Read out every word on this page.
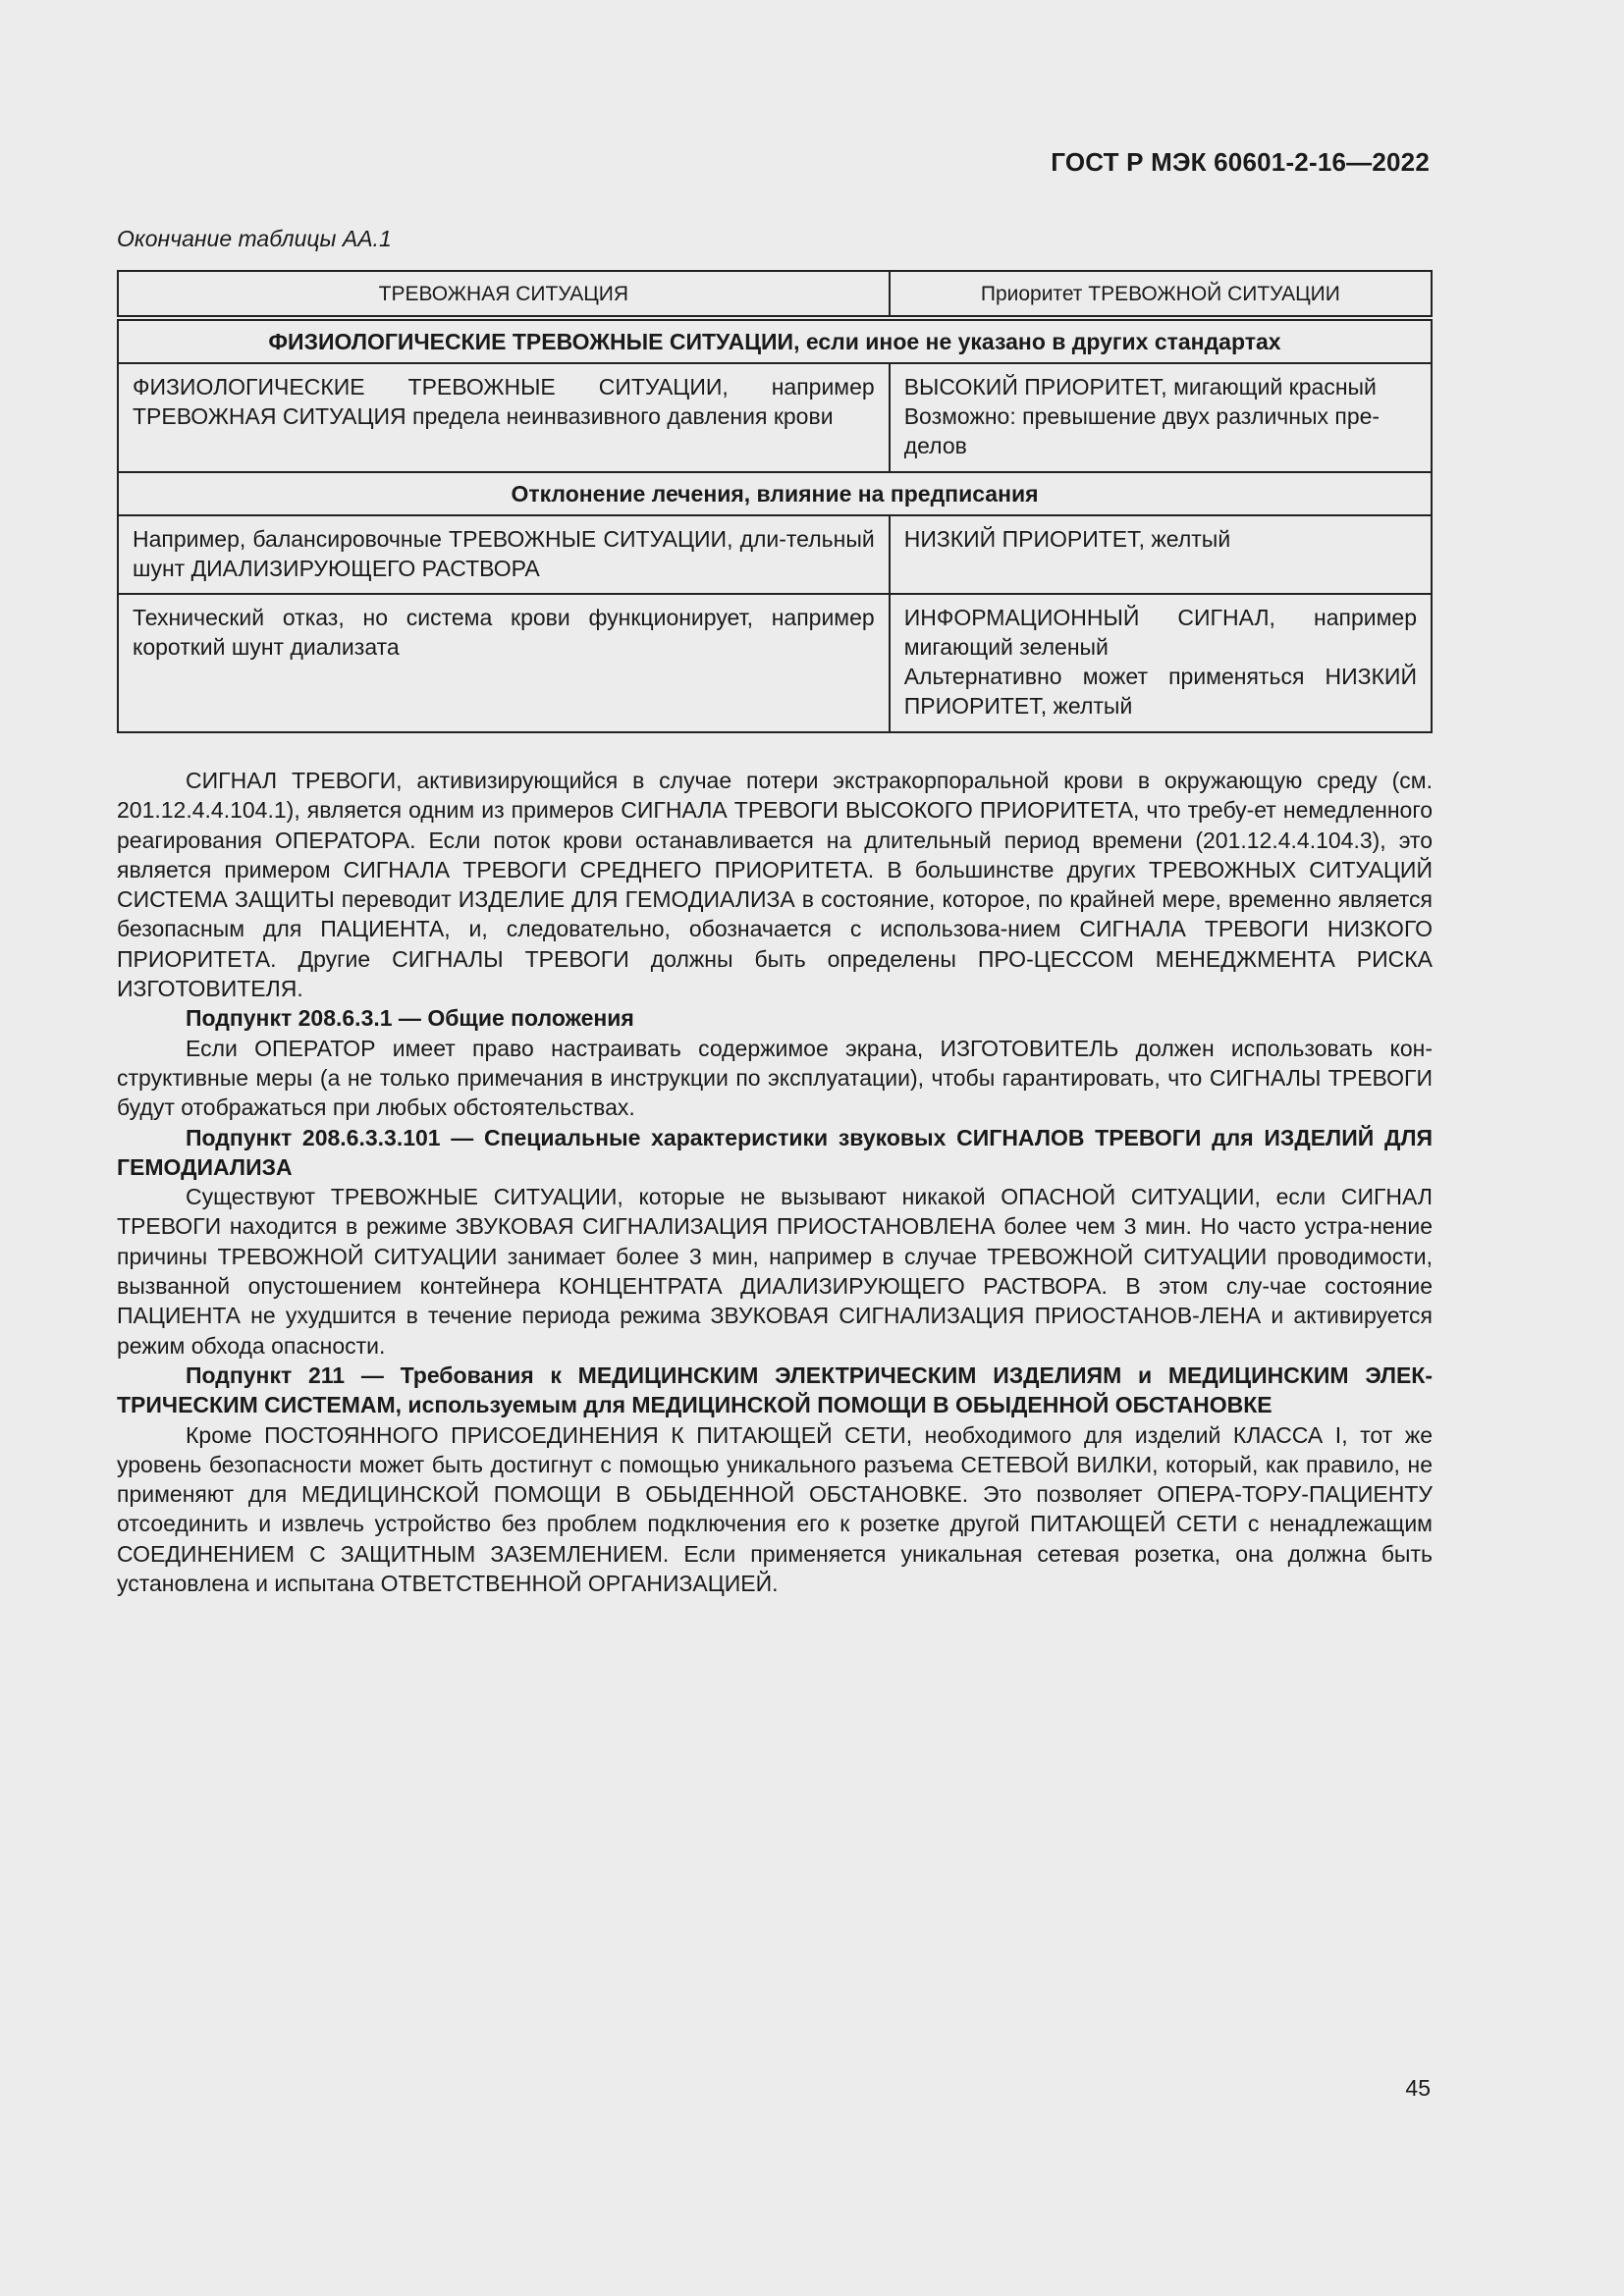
ГОСТ Р МЭК 60601-2-16—2022
Окончание таблицы АА.1
ТРЕВОЖНАЯ СИТУАЦИЯ	Приоритет ТРЕВОЖНОЙ СИТУАЦИИ
ФИЗИОЛОГИЧЕСКИЕ ТРЕВОЖНЫЕ СИТУАЦИИ, если иное не указано в других стандартах	
ФИЗИОЛОГИЧЕСКИЕ ТРЕВОЖНЫЕ СИТУАЦИИ, например ТРЕВОЖНАЯ СИТУАЦИЯ предела неинвазивного давления крови	ВЫСОКИЙ ПРИОРИТЕТ, мигающий красный
Возможно: превышение двух различных пре-делов

Отклонение лечения, влияние на предписания	
Например, балансировочные ТРЕВОЖНЫЕ СИТУАЦИИ, дли-тельный шунт ДИАЛИЗИРУЮЩЕГО РАСТВОРА	НИЗКИЙ ПРИОРИТЕТ, желтый

Технический отказ, но система крови функционирует, например короткий шунт диализата	ИНФОРМАЦИОННЫЙ СИГНАЛ, например мигающий зеленый
Альтернативно может применяться НИЗКИЙ ПРИОРИТЕТ, желтый

СИГНАЛ ТРЕВОГИ, активизирующийся в случае потери экстракорпоральной крови в окружающую среду (см. 201.12.4.4.104.1), является одним из примеров СИГНАЛА ТРЕВОГИ ВЫСОКОГО ПРИОРИТЕТА, что требу-ет немедленного реагирования ОПЕРАТОРА. Если поток крови останавливается на длительный период времени (201.12.4.4.104.3), это является примером СИГНАЛА ТРЕВОГИ СРЕДНЕГО ПРИОРИТЕТА. В большинстве других ТРЕВОЖНЫХ СИТУАЦИЙ СИСТЕМА ЗАЩИТЫ переводит ИЗДЕЛИЕ ДЛЯ ГЕМОДИАЛИЗА в состояние, которое, по крайней мере, временно является безопасным для ПАЦИЕНТА, и, следовательно, обозначается с использова-нием СИГНАЛА ТРЕВОГИ НИЗКОГО ПРИОРИТЕТА. Другие СИГНАЛЫ ТРЕВОГИ должны быть определены ПРО-ЦЕССОМ МЕНЕДЖМЕНТА РИСКА ИЗГОТОВИТЕЛЯ.

Подпункт 208.6.3.1 — Общие положения

Если ОПЕРАТОР имеет право настраивать содержимое экрана, ИЗГОТОВИТЕЛЬ должен использовать кон-структивные меры (а не только примечания в инструкции по эксплуатации), чтобы гарантировать, что СИГНАЛЫ ТРЕВОГИ будут отображаться при любых обстоятельствах.

Подпункт 208.6.3.3.101 — Специальные характеристики звуковых СИГНАЛОВ ТРЕВОГИ для ИЗДЕЛИЙ ДЛЯ ГЕМОДИАЛИЗА

Существуют ТРЕВОЖНЫЕ СИТУАЦИИ, которые не вызывают никакой ОПАСНОЙ СИТУАЦИИ, если СИГНАЛ ТРЕВОГИ находится в режиме ЗВУКОВАЯ СИГНАЛИЗАЦИЯ ПРИОСТАНОВЛЕНА более чем 3 мин. Но часто устра-нение причины ТРЕВОЖНОЙ СИТУАЦИИ занимает более 3 мин, например в случае ТРЕВОЖНОЙ СИТУАЦИИ проводимости, вызванной опустошением контейнера КОНЦЕНТРАТА ДИАЛИЗИРУЮЩЕГО РАСТВОРА. В этом слу-чае состояние ПАЦИЕНТА не ухудшится в течение периода режима ЗВУКОВАЯ СИГНАЛИЗАЦИЯ ПРИОСТАНОВ-ЛЕНА и активируется режим обхода опасности.

Подпункт 211 — Требования к МЕДИЦИНСКИМ ЭЛЕКТРИЧЕСКИМ ИЗДЕЛИЯМ и МЕДИЦИНСКИМ ЭЛЕК-ТРИЧЕСКИМ СИСТЕМАМ, используемым для МЕДИЦИНСКОЙ ПОМОЩИ В ОБЫДЕННОЙ ОБСТАНОВКЕ

Кроме ПОСТОЯННОГО ПРИСОЕДИНЕНИЯ К ПИТАЮЩЕЙ СЕТИ, необходимого для изделий КЛАССА I, тот же уровень безопасности может быть достигнут с помощью уникального разъема СЕТЕВОЙ ВИЛКИ, который, как правило, не применяют для МЕДИЦИНСКОЙ ПОМОЩИ В ОБЫДЕННОЙ ОБСТАНОВКЕ. Это позволяет ОПЕРА-ТОРУ-ПАЦИЕНТУ отсоединить и извлечь устройство без проблем подключения его к розетке другой ПИТАЮЩЕЙ СЕТИ с ненадлежащим СОЕДИНЕНИЕМ С ЗАЩИТНЫМ ЗАЗЕМЛЕНИЕМ. Если применяется уникальная сетевая розетка, она должна быть установлена и испытана ОТВЕТСТВЕННОЙ ОРГАНИЗАЦИЕЙ.

45
